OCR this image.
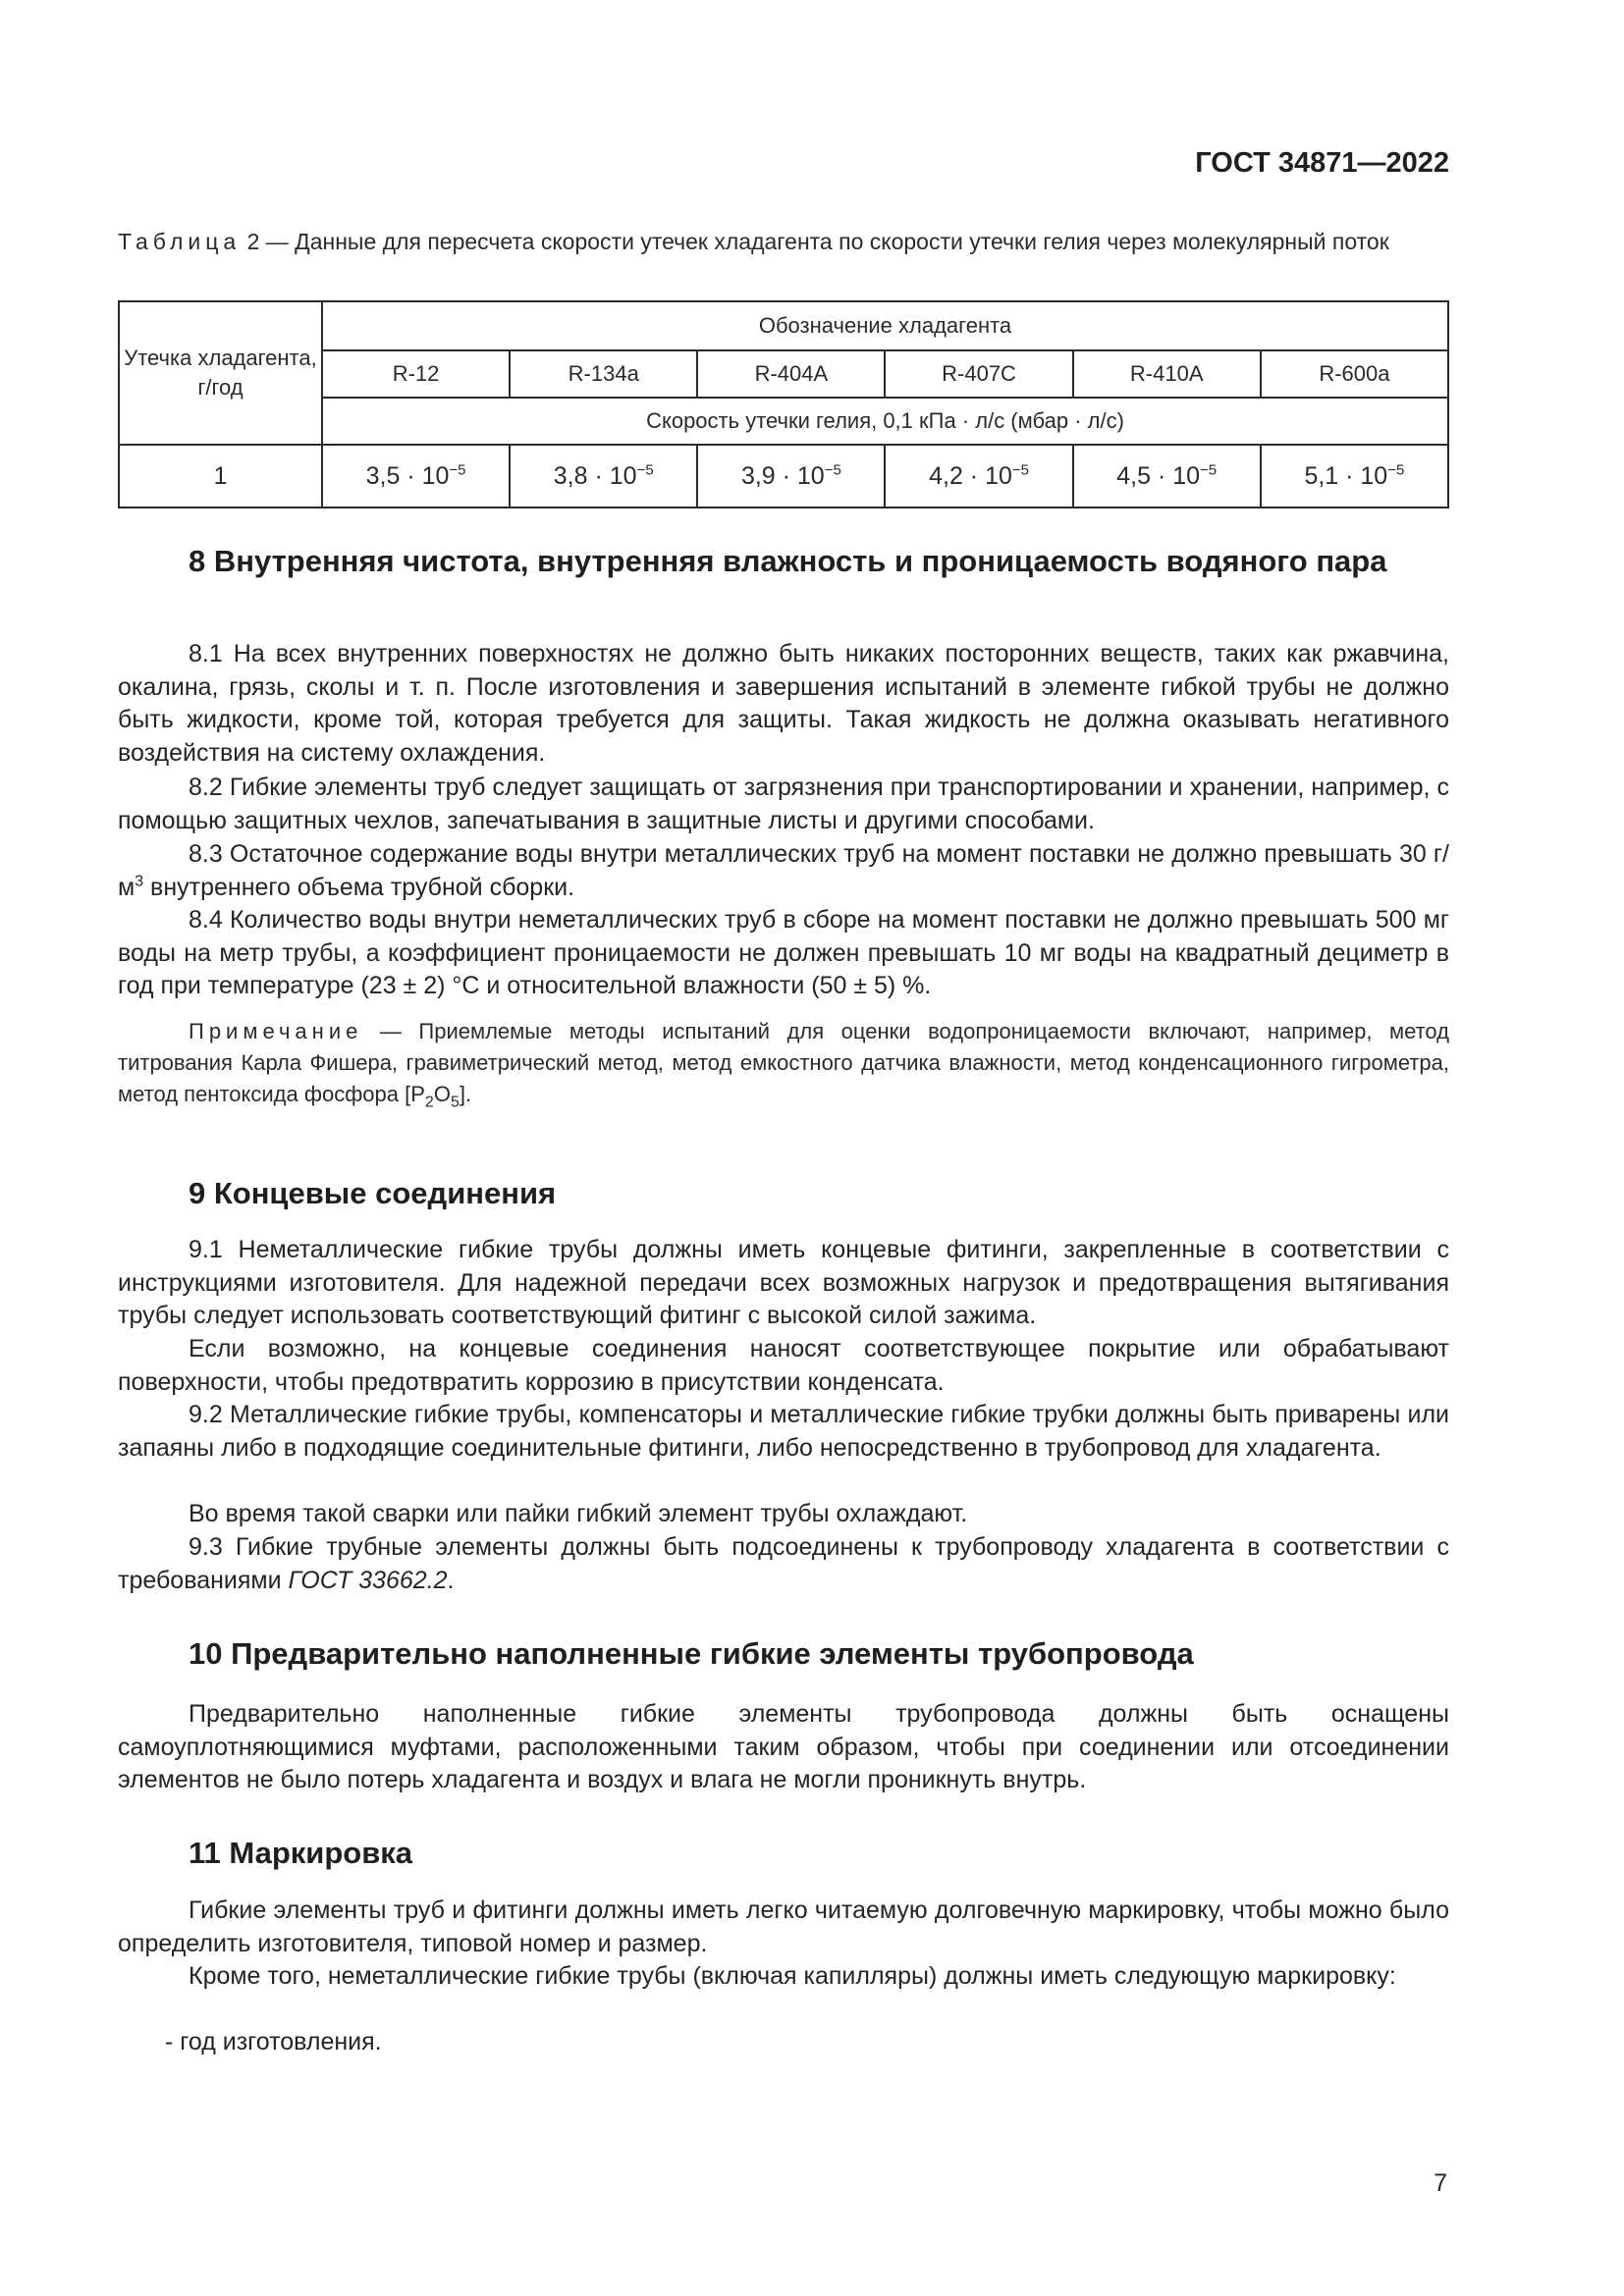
ГОСТ 34871—2022
Таблица 2 — Данные для пересчета скорости утечек хладагента по скорости утечки гелия через молекулярный поток
Утечка хладагента, г/год	Обозначение хладагента					
	R-12	R-134a	R-404A	R-407C	R-410A	R-600a
	Скорость утечки гелия, 0,1 кПа · л/с (мбар · л/с)					
1	$3,5 \cdot 10^{-5}$	$3,8 \cdot 10^{-5}$	$3,9 \cdot 10^{-5}$	$4,2 \cdot 10^{-5}$	$4,5 \cdot 10^{-5}$	$5,1 \cdot 10^{-5}$
8 Внутренняя чистота, внутренняя влажность и проницаемость водяного пара
8.1 На всех внутренних поверхностях не должно быть никаких посторонних веществ, таких как ржавчина, окалина, грязь, сколы и т. п. После изготовления и завершения испытаний в элементе гибкой трубы не должно быть жидкости, кроме той, которая требуется для защиты. Такая жидкость не должна оказывать негативного воздействия на систему охлаждения.
8.2 Гибкие элементы труб следует защищать от загрязнения при транспортировании и хранении, например, с помощью защитных чехлов, запечатывания в защитные листы и другими способами.
8.3 Остаточное содержание воды внутри металлических труб на момент поставки не должно превышать 30 $г/м^3$ внутреннего объема трубной сборки.
8.4 Количество воды внутри неметаллических труб в сборе на момент поставки не должно превышать 500 мг воды на метр трубы, а коэффициент проницаемости не должен превышать 10 мг воды на квадратный дециметр в год при температуре (23 ± 2) °С и относительной влажности (50 ± 5) %.
Примечание — Приемлемые методы испытаний для оценки водопроницаемости включают, например, метод титрования Карла Фишера, гравиметрический метод, метод емкостного датчика влажности, метод конденсационного гигрометра, метод пентоксида фосфора $[P_2O_5]$.
9 Концевые соединения
9.1 Неметаллические гибкие трубы должны иметь концевые фитинги, закрепленные в соответствии с инструкциями изготовителя. Для надежной передачи всех возможных нагрузок и предотвращения вытягивания трубы следует использовать соответствующий фитинг с высокой силой зажима.
Если возможно, на концевые соединения наносят соответствующее покрытие или обрабатывают поверхности, чтобы предотвратить коррозию в присутствии конденсата.
9.2 Металлические гибкие трубы, компенсаторы и металлические гибкие трубки должны быть приварены или запаяны либо в подходящие соединительные фитинги, либо непосредственно в трубопровод для хладагента.
Во время такой сварки или пайки гибкий элемент трубы охлаждают.
9.3 Гибкие трубные элементы должны быть подсоединены к трубопроводу хладагента в соответствии с требованиями ГОСТ 33662.2.
10 Предварительно наполненные гибкие элементы трубопровода
Предварительно наполненные гибкие элементы трубопровода должны быть оснащены самоуплотняющимися муфтами, расположенными таким образом, чтобы при соединении или отсоединении элементов не было потерь хладагента и воздух и влага не могли проникнуть внутрь.
11 Маркировка
Гибкие элементы труб и фитинги должны иметь легко читаемую долговечную маркировку, чтобы можно было определить изготовителя, типовой номер и размер.
Кроме того, неметаллические гибкие трубы (включая капилляры) должны иметь следующую маркировку:
- год изготовления.
7
